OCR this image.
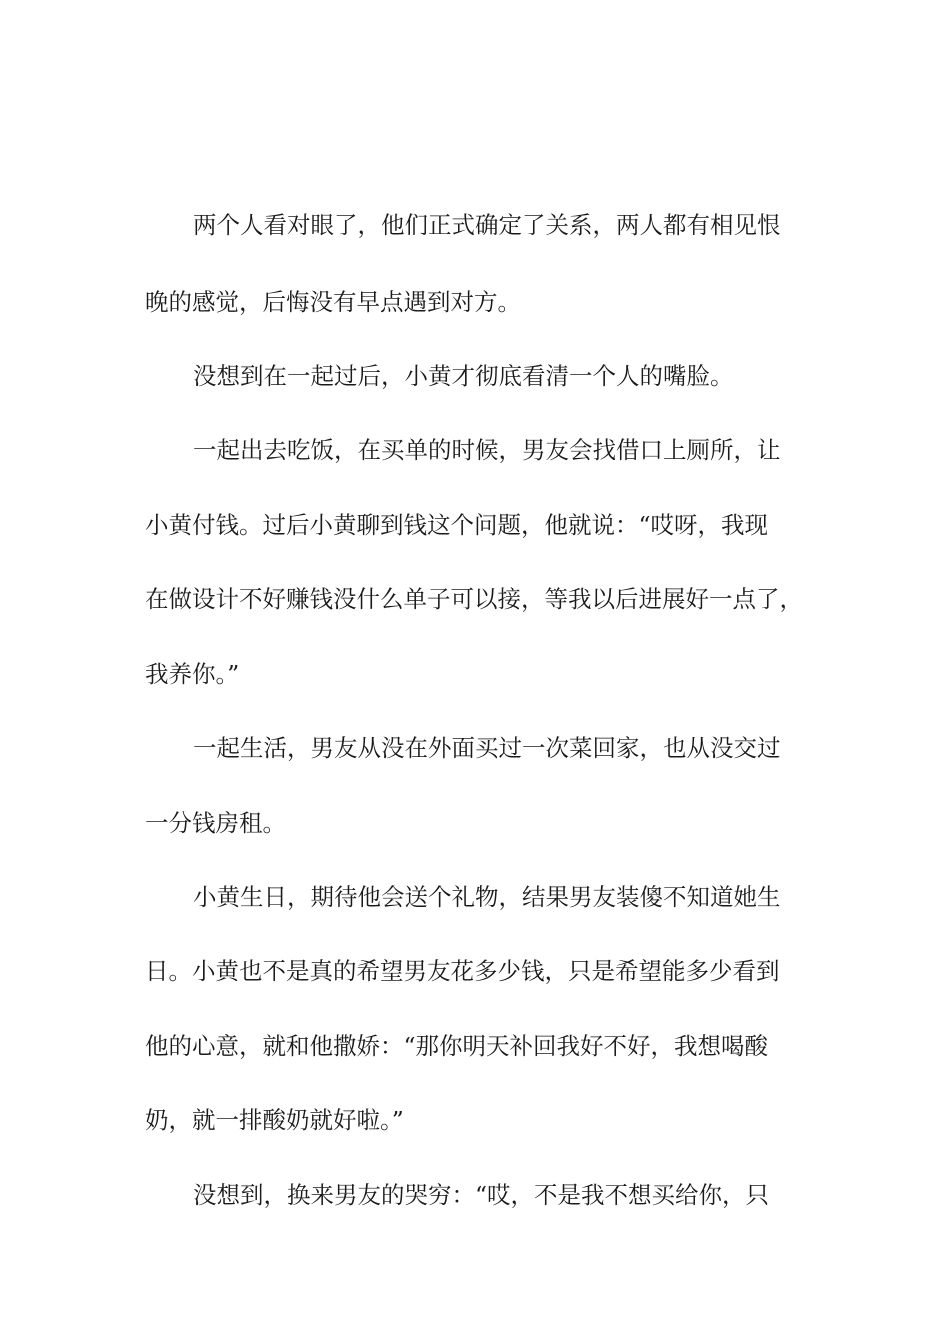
两个人看对眼了，他们正式确定了关系，两人都有相见恨

晚的感觉，后悔没有早点遇到对方。

没想到在一起过后，小黄才彻底看清一个人的嘴脸。

一起出去吃饭，在买单的时候，男友会找借口上厕所，让

小黄付钱。过后小黄聊到钱这个问题，他就说：“哎呀，我现

在做设计不好赚钱没什么单子可以接，等我以后进展好一点了，

我养你。”

一起生活，男友从没在外面买过一次菜回家，也从没交过

一分钱房租。

小黄生日，期待他会送个礼物，结果男友装傻不知道她生

日。小黄也不是真的希望男友花多少钱，只是希望能多少看到

他的心意，就和他撒娇：“那你明天补回我好不好，我想喝酸

奶，就一排酸奶就好啦。”

没想到，换来男友的哭穷：“哎，不是我不想买给你，只
